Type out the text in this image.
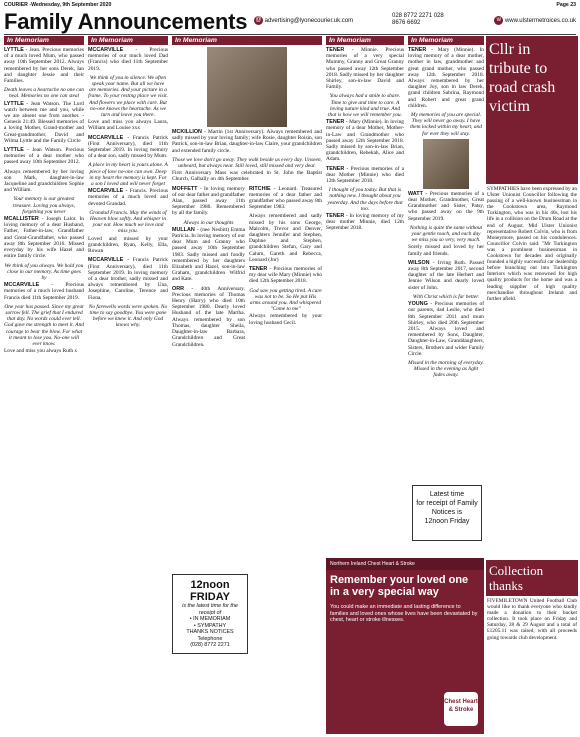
COURIER -Wednesday, 9th September 2020	Page 23
Family Announcements @ advertising@lyonecourier.uk.com
028 8772 2271 028 8676 6692	w www.ulstermetroices.co.uk
In Memoriam
LYTTLE - Jean. Precious memories of a much loved Mum, who passed away 10th September 2012. Always remembered by her sons Derek, Ian and daughter Jessie and their Families.
Death leaves a heartache no one can heal. Memories no one can steal
LYTTLE - Jean Watson. The Lord watch between me and you, while we are absent one from another. - Genesis 21:49. Blessed memories of a loving Mother, Grand-mother and Great-grandmother, David and Wilma Lyttle and the Family Circle
LYTTLE - Jean Watson. Precious memories of a dear mother who passed away 10th September 2012.
Always remembered by her loving son Mark, daughter-in-law Jacqueline and grandchildren Sophie and William.
Your memory is our greatest treasure. Loving you always, forgetting you never
MCALLISTER - Joseph Lalor. In loving memory of a dear Husband, Father, Father-in-law, Grandfather and Great-Grandfather, who passed away 8th September 2016. Missed everyday by his wife Hazel and entire family circle.
We think of you always. We hold you close in our memory. As time goes by
MCCARVILLE - Precious memories of a much loved husband Francis died 11th September 2019.
One year has passed. Since my great sorrow fell. The grief that I endured that day. No words could ever tell. God gave me strength to meet it. And courage to bear the blow. For what it meant to lose you. No-one will ever know.
Love and miss you always Ruth x
In Memoriam
MCCARVILLE - Precious memories of our much loved Dad (Francis) who died 11th September 2019.
We think of you in silence. We often speak your name. But all we have are memories. And your picture in a frame. To your resting place we visit. And flowers we place with care. But no-one knows the heartache. As we turn and leave you there.
Love and miss you always Laura, William and Louise xxx
MCCARVILLE - Francis Patrick (First Anniversary), died 11th September 2019. In loving memory of a dear son, sadly missed by Mum.
A place in my heart is yours alone. A piece of love no-one can own. Deep in my heart the memory is kept. For a son I loved and will never forget
MCCARVILLE - Francis. Precious memories of a much loved and devoted Grandad.
Grandad Francis. May the winds of Heaven blow softly. And whisper in your ear. How much we love and miss you.
Loved and missed by your grandchildren, Ryan, Kelly, Ella, Rowan
MCCARVILLE - Francis Patrick (First Anniversary), died 11th September 2019. In loving memory of a dear brother, sadly missed and always remembered by Una, Josephine, Caroline, Terence and Fiona.
No farewells words were spoken. No time to say goodbye. You were gone before we knew it. And only God knows why.
12noon
FRIDAY
is the latest time for the receipt of
• IN MEMORIAM
• SYMPATHY
THANKS NOTICES
Telephone
(028) 8772 2271
In Memoriam
MCKILLION - Martin (1st Anniversary). Always remembered and sadly missed by your loving family; wife Rosie, daughter Roisin, son Patrick, son-in-law Brian, daughter-in-law Claire, your grandchildren and extended family circle.
Those we love don't go away. They walk beside us every day. Unseen, unheard, but always near. Still loved, still missed and very dear.
First Anniversary Mass was celebrated in St. John the Baptist Church, Galbally on 4th September.
MOFFETT - In loving memory of our dear father and grandfather Alan, passed away 11th September 1986. Remembered by all the family.
Always in our thoughts
MULLAN - (nee Nesbitt) Emma Patricia. In loving memory of our dear Mum and Granny who passed away 10th September 1983. Sadly missed and fondly remembered by her daughters Elizabeth and Hazel, son-in-law Graham, grandchildren Wilfrid and Kate.
ORR - 40th Anniversary. Precious memories of Thomas Henry (Harry) who died 10th September 1980. Dearly loved Husband of the late Martha. Always remembered by son Thomas, daughter Sheila, Daughter-in-law Barbara, Grandchildren and Great Grandchildren.
RITCHIE - Leonard. Treasured memories of a dear father and grandfather who passed away 8th September 1983.
Always remembered and sadly missed by his sons George, Malcolm, Trevor and Denver, daughters Jennifer and Stephen, Daphne and Stephen, grandchildren Stefan, Gary and Calum, Gareth and Rebecca, Leonard (Jnr)
TENER - Precious memories of my dear wife Mary (Minnie) who died 12th September 2018.
God saw you getting tired. A cure was not to be. So He put His arms around you. And whispered "Come to me"
Always remembered by your loving husband Cecil.
In Memoriam
TENER - Minnie. Precious memories of a very special Mummy, Granny and Great Granny who passed away 12th September 2018. Sadly missed by her daughter Shirley, son-in-law David and Family.
You always had a smile to share. Time to give and time to care. A loving nature kind and true. And that is how we will remember you.
TENER - Mary (Minnie). In loving memory of a dear Mother, Mother-in-Law and Grandmother who passed away 12th September 2018. Sadly missed by son-in-law Brian, grandchildren, Rebekah, Alice and Adam.
TENER - Precious memories of a dear Mother (Minnie) who died 12th September 2018.
I thought of you today. But that is nothing new. I thought about you yesterday. And the days before that too.
TENER - In loving memory of my dear mother Minnie, died 12th September 2018.
In Memoriam
TENER - Mary (Minnie). In loving memory of a dear mother, mother in law, grandmother and great grand mother, who passed away 12th September 2018. Always remembered by her daughter Joy, son in law Derek, grand children Sabrina, Raymond and Robert and great grand children.
My memories of you are special. They will never go away. I have them locked within my heart, and for ever they will stay.
WATT - Precious memories of a dear Mother, Grandmother, Great Grandmother and Sister, Patsy, who passed away on the 9th September 2019.
Nothing is quite the same without your gentle touch, and each day we miss you so very, very much.
Sorely missed and loved by her family and friends.
WILSON - Irving Ruth. Passed away 8th September 2017, second daughter of the late Herbert and Jennie Wilson and dearly loved sister of John.
With Christ which is far better.
YOUNG - Precious memories of our parents, dad Leslie, who died 8th September 2011 and mum Shirley, who died 26th September 2015. Always loved and remembered by Sons, Daughter, Daughter-in-Law, Granddaughters, Sisters, Brothers and wider Family Circle.
Missed in the morning of everyday. Missed in the evening as light fades away.
Latest time
for receipt of Family
Notices is
12noon Friday
Northern Ireland Chest Heart & Stroke
Remember your loved one in a very special way
You could make an immediate and lasting difference to families and loved ones whose lives have been devastated by chest, heart or stroke illnesses.
Chest Heart & Stroke
Cllr in tribute to road crash victim
SYMPATHIES have been expressed by an Ulster Unionist Councillor following the passing of a well-known businessman in the Cookstown area, Raymond Turkington, who was in his 40s, lost his life in a collision on the Drum Road at the end of August. Mid Ulster Unionist representative Robert Colvin, who is from Moneymore, passed on his condolences. Councillor Colvin said: "Mr Turkington was a prominent businessman in Cookstown for decades and originally founded a highly successful car dealership before branching out into Turkington Interiors which was renowned for high quality products for the home and was a leading supplier of high quality merchandise throughout Ireland and further afield.
Collection thanks
FIVEMILETOWN United Football Club would like to thank everyone who kindly made a donation to their bucket collection. It took place on Friday and Saturday, 28 & 29 August and a total of £1205.11 was raised, with all proceeds going towards club development.
